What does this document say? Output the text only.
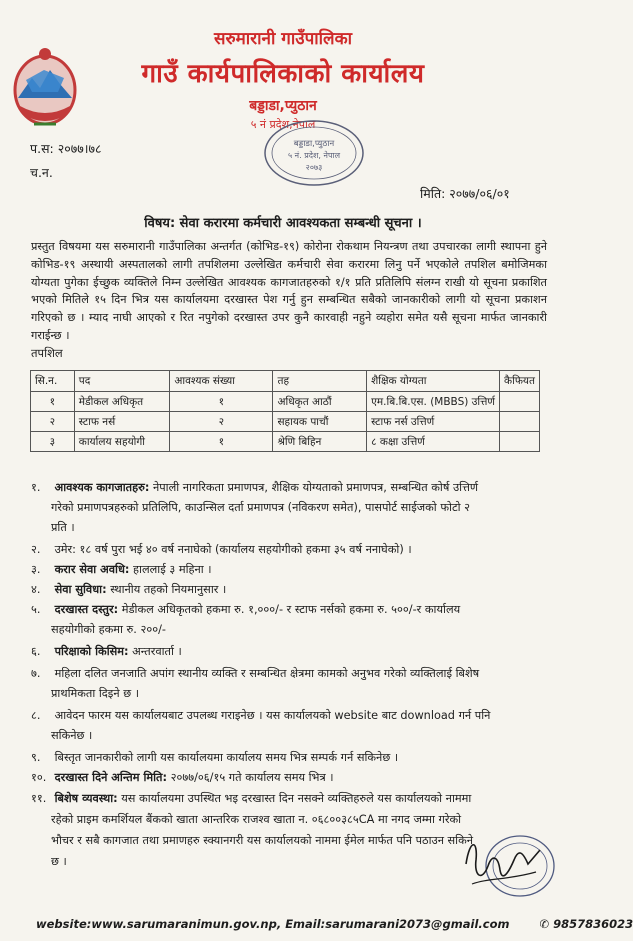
सरुमारानी गाउँपालिका
गाउँ कार्यपालिकाको कार्यालय
बड्डाडा,प्युठान
५ नं प्रदेश,नेपाल
बड्डाडा,प्युठान
५ नं. प्रदेश, नेपाल
२०७३
प.स: २०७७।७८
च.न.
मिति: २०७७/०६/०१
विषय: सेवा करारमा कर्मचारी आवश्यकता सम्बन्धी सूचना ।
प्रस्तुत विषयमा यस सरुमारानी गाउँपालिका अन्तर्गत (कोभिड-१९) कोरोना रोकथाम नियन्त्रण तथा उपचारका लागी स्थापना हुने कोभिड-१९ अस्थायी अस्पतालको लागी तपशिलमा उल्लेखित कर्मचारी सेवा करारमा लिनु पर्ने भएकोले तपशिल बमोजिमका योग्यता पुगेका ईच्छुक व्यक्तिले निम्न उल्लेखित आवश्यक कागजातहरुको १/१ प्रति प्रतिलिपि संलग्न राखी यो सूचना प्रकाशित भएको मितिले १५ दिन भित्र यस कार्यालयमा दरखास्त पेश गर्नु हुन सम्बन्धित सबैको जानकारीको लागी यो सूचना प्रकाशन गरिएको छ । म्याद नाघी आएको र रित नपुगेको दरखास्त उपर कुनै कारवाही नहुने व्यहोरा समेत यसै सूचना मार्फत जानकारी गराईन्छ ।
तपशिल
सि.न.	पद	आवश्यक संख्या	तह	शैक्षिक योग्यता	कैफियत
१	मेडीकल अधिकृत	१	अधिकृत आठौं	एम.बि.बि.एस. (MBBS) उत्तिर्ण	
२	स्टाफ नर्स	२	सहायक पाचौं	स्टाफ नर्स उत्तिर्ण	
३	कार्यालय सहयोगी	१	श्रेणि बिहिन	८ कक्षा उत्तिर्ण	
१. आवश्यक कागजातहरु: नेपाली नागरिकता प्रमाणपत्र, शैक्षिक योग्यताको प्रमाणपत्र, सम्बन्धित कोर्ष उत्तिर्ण
गरेको प्रमाणपत्रहरुको प्रतिलिपि, काउन्सिल दर्ता प्रमाणपत्र (नविकरण समेत), पासपोर्ट साईजको फोटो २
प्रति ।
२. उमेर: १८ वर्ष पुरा भई ४० वर्ष ननाघेको (कार्यालय सहयोगीको हकमा ३५ वर्ष ननाघेको) ।
३. करार सेवा अवधि: हाललाई ३ महिना ।
४. सेवा सुविधा: स्थानीय तहको नियमानुसार ।
५. दरखास्त दस्तुर: मेडीकल अधिकृतको हकमा रु. १,०००/- र स्टाफ नर्सको हकमा रु. ५००/-र कार्यालय
सहयोगीको हकमा रु. २००/-
६. परिक्षाको किसिम: अन्तरवार्ता ।
७. महिला दलित जनजाति अपांग स्थानीय व्यक्ति र सम्बन्धित क्षेत्रमा कामको अनुभव गरेको व्यक्तिलाई बिशेष
प्राथमिकता दिइने छ ।
८. आवेदन फारम यस कार्यालयबाट उपलब्ध गराइनेछ । यस कार्यालयको website बाट download गर्न पनि
सकिनेछ ।
९. बिस्तृत जानकारीको लागी यस कार्यालयमा कार्यालय समय भित्र सम्पर्क गर्न सकिनेछ ।
१०. दरखास्त दिने अन्तिम मिति: २०७७/०६/१५ गते कार्यालय समय भित्र ।
११. बिशेष व्यवस्था: यस कार्यालयमा उपस्थित भइ दरखास्त दिन नसक्ने व्यक्तिहरुले यस कार्यालयको नाममा
रहेको प्राइम कमर्शियल बैंकको खाता आन्तरिक राजश्व खाता न. ०६८००३८५CA मा नगद जम्मा गरेको
भौचर र सबै कागजात तथा प्रमाणहरु स्क्यानगरी यस कार्यालयको नाममा ईमेल मार्फत पनि पठाउन सकिने
छ ।
website:www.sarumaranimun.gov.np, Email:sarumarani2073@gmail.com	✆ 9857836023
